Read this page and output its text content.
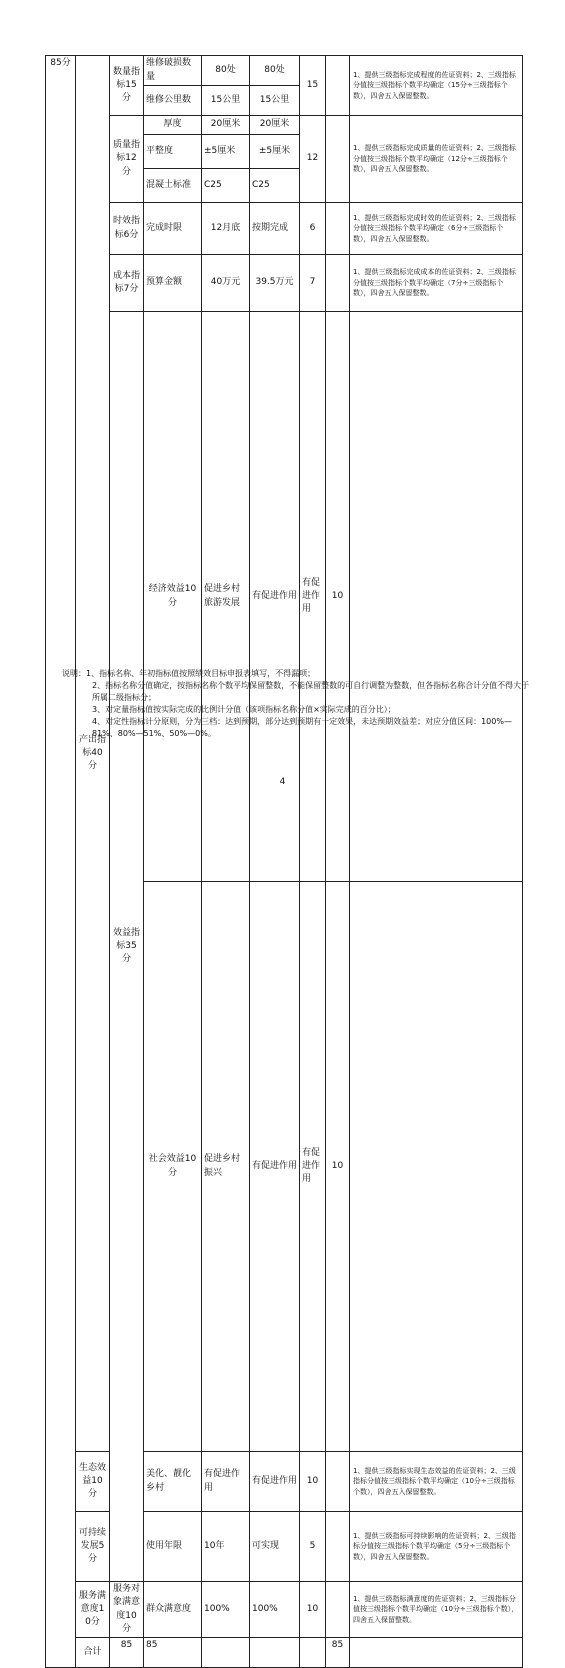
85分	产出指标40分	数量指标15分	维修破损数量	80处	80处	15		1、提供三级指标完成程度的佐证资料；2、三级指标分值按三级指标个数平均确定（15分÷三级指标个数），四舍五入保留整数。	
			维修公里数	15公里	15公里				
		质量指标12分	厚度	20厘米	20厘米	12		1、提供三级指标完成质量的佐证资料；2、三级指标分值按三级指标个数平均确定（12分÷三级指标个数），四舍五入保留整数。	
			平整度	±5厘米	±5厘米				
			混凝土标准	C25	C25				
		时效指标6分	完成时限	12月底	按期完成	6		1、提供三级指标完成时效的佐证资料；2、三级指标分值按三级指标个数平均确定（6分÷三级指标个数），四舍五入保留整数。	
		成本指标7分	预算金额	40万元	39.5万元	7		1、提供三级指标完成成本的佐证资料；2、三级指标分值按三级指标个数平均确定（7分÷三级指标个数），四舍五入保留整数。	
		效益指标35分	经济效益10分	促进乡村旅游发展	有促进作用	有促进作用	10		
			社会效益10分	促进乡村振兴	有促进作用	有促进作用	10		
	生态效益10分		美化、靓化乡村	有促进作用	有促进作用	10		1、提供三级指标实现生态效益的佐证资料；2、三级指标分值按三级指标个数平均确定（10分÷三级指标个数），四舍五入保留整数。	
	可持续发展5分		使用年限	10年	可实现	5		1、提供三级指标可持续影响的佐证资料；2、三级指标分值按三级指标个数平均确定（5分÷三级指标个数），四舍五入保留整数。	
	服务满意度10分	服务对象满意度10分	群众满意度	100%	100%	10		1、提供三级指标满意度的佐证资料；2、三级指标分值按三级指标个数平均确定（10分÷三级指标个数），四舍五入保留整数。	
	合计	85	85				85		
说明：1、指标名称、年初指标值按照绩效目标申报表填写，不得漏项；
2、指标名称分值确定，按指标名称个数平均保留整数，不能保留整数的可自行调整为整数，但各指标名称合计分值不得大于所属二级指标分；
3、对定量指标值按实际完成的比例计分值（该项指标名称分值×实际完成的百分比）；
4、对定性指标计分原则，分为三档：达到预期，部分达到预期有一定效果，未达预期效益差；对应分值区间：100%—81%、80%—51%、50%—0%。
4
